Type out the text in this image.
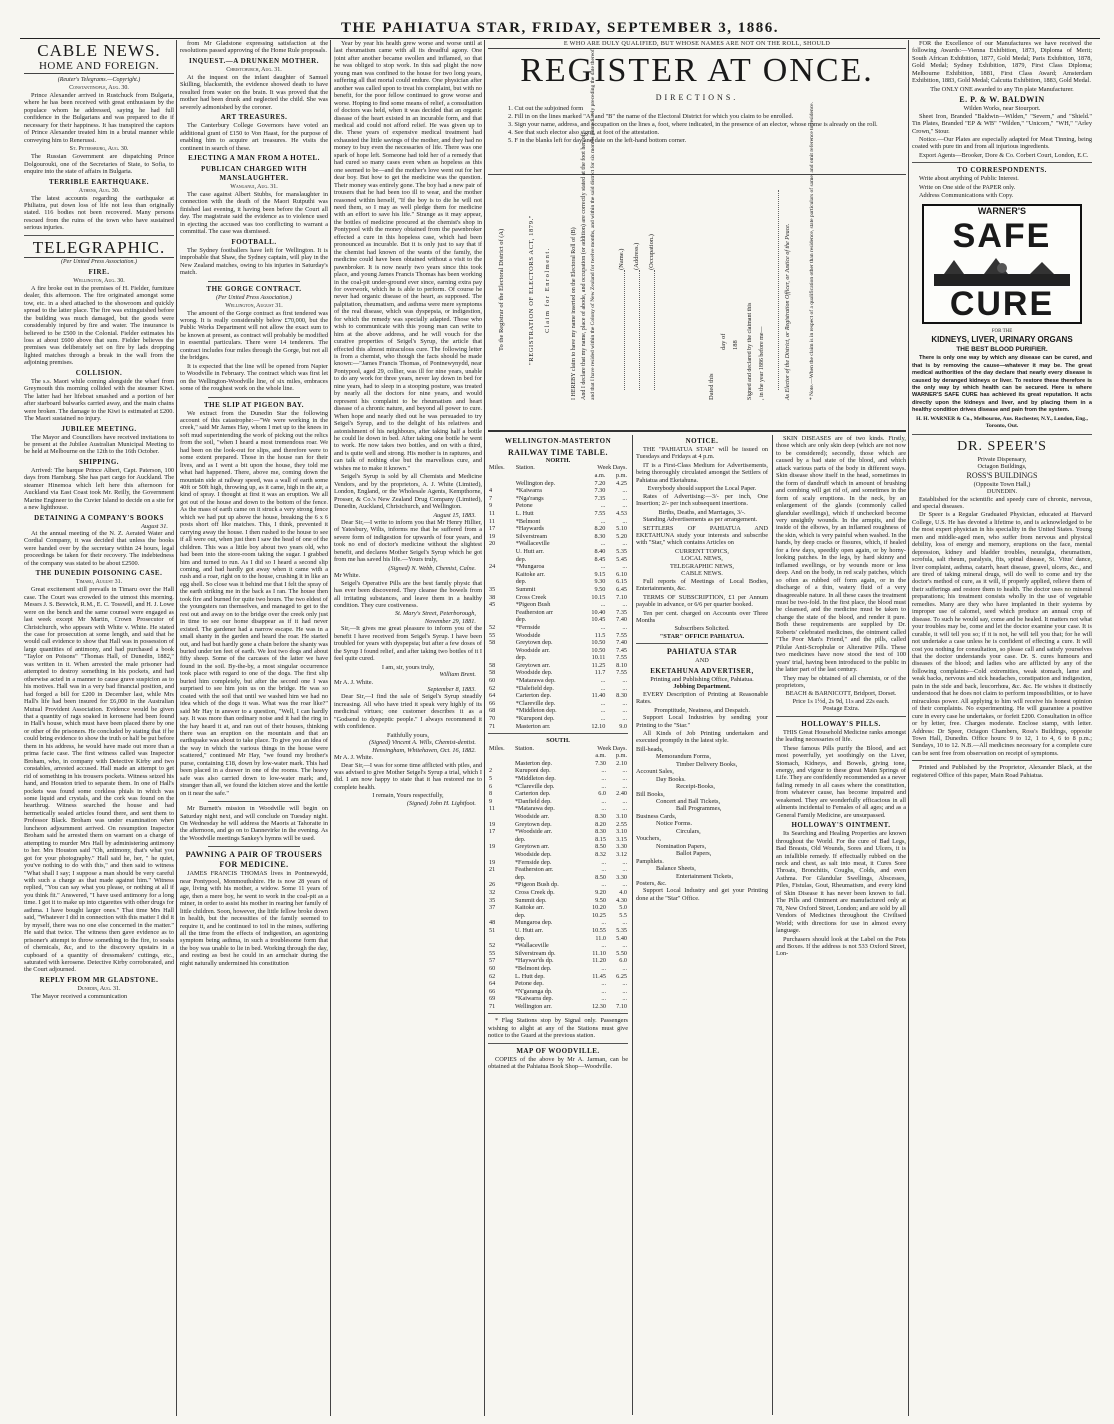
THE PAHIATUA STAR, FRIDAY, SEPTEMBER 3, 1886.
CABLE NEWS.
HOME AND FOREIGN.
(Reuter's Telegrams.—Copyright.)
Constantinople, Aug. 30.
Prince Alexander arrived in Rustchuck from Bulgaria, where he has been received with great enthusiasm by the populace whom he addressed, saying he had full confidence in the Bulgarians and was prepared to die if necessary for their happiness. It has transpired the captors of Prince Alexander treated him in a brutal manner while conveying him to Renerussi.
St. Petersburg, Aug. 30.
The Russian Government are dispatching Prince Dolgourouki, one of the Secretaries of State, to Sofia, to enquire into the state of affairs in Bulgaria.
TERRIBLE EARTHQUAKE.
Athens, Aug. 30.
The latest accounts regarding the earthquake at Philiatra, put down loss of life not less than originally stated. 116 bodies not been recovered. Many persons rescued from the ruins of the town who have sustained serious injuries.
TELEGRAPHIC.
(Per United Press Association.)
FIRE.
Wellington, Aug. 30.
A fire broke out in the premises of H. Fielder, furniture dealer, this afternoon. The fire originated amongst some tow, etc. in a shed attached to the showroom and quickly spread to the latter place. The fire was extinguished before the building was much damaged, but the goods were considerably injured by fire and water. The insurance is believed to be £500 in the Colonial. Fielder estimates his loss at about £600 above that sum. Fielder believes the premises was deliberately set on fire by lads dropping lighted matches through a break in the wall from the adjoining premises.
COLLISION.
The s.s. Maori while coming alongside the wharf from Greymouth this morning collided with the steamer Kiwi. The latter had her lifeboat smashed and a portion of her after starboard bulwarks carried away, and the main chains were broken. The damage to the Kiwi is estimated at £200. The Maori sustained no injury.
JUBILEE MEETING.
The Mayor and Councillors have received invitations to be present at the Jubilee Australian Municipal Meeting to be held at Melbourne on the 12th to the 16th October.
SHIPPING.
Arrived: The barque Prince Albert, Capt. Paterson, 100 days from Hamburg. She has part cargo for Auckland. The steamer Hinemoa which left here this afternoon for Auckland via East Coast took Mr. Reilly, the Government Marine Engineer to the Cuvier Island to decide on a site for a new lighthouse.
DETAINING A COMPANY'S BOOKS
August 31.
At the annual meeting of the N. Z. Aerated Water and Cordial Company, it was decided that unless the books were handed over by the secretary within 24 hours, legal proceedings be taken for their recovery. The indebtedness of the company was stated to be about £2500.
THE DUNEDIN POISONING CASE.
Timaru, August 31.
Great excitement still prevails in Timaru over the Hall case. The Court was crowded to the utmost this morning. Messrs J. S. Beswick, R.M., E. C. Tosswill, and H. J. Lowe were on the bench and the same counsel were engaged as last week except Mr Martin, Crown Prosecutor of Christchurch, who appears with White v. White. He stated the case for prosecution at some length, and said that he would call evidence to show that Hall was in possession of large quantities of antimony, and had purchased a book "Taylor on Poisons" "Thomas Hall, of Dunedin, 1882," was written in it. When arrested the male prisoner had attempted to destroy something in his pockets, and had otherwise acted in a manner to cause grave suspicion as to his motives. Hall was in a very bad financial position, and had forged a bill for £200 in December last, while Mrs Hall's life had been insured for £6,000 in the Australian Mutual Provident Association. Evidence would be given that a quantity of rags soaked in kerosene had been found in Hall's house, which must have been placed there by one or other of the prisoners. He concluded by stating that if he could bring evidence to show the truth or half be put before them in his address, he would have made out more than a prima facie case. The first witness called was Inspector Broham, who, in company with Detective Kirby and two constables, arrested accused. Hall made an attempt to get rid of something in his trousers pockets. Witness seized his hand, and Houston tried to separate them. In one of Hall's pockets was found some corkless phials in which was some liquid and crystals, and the cork was found on the hearthrug. Witness searched the house and had hermetically sealed articles found there, and sent them to Professor Black. Broham was under examination when luncheon adjournment arrived. On resumption Inspector Broham said he arrested them on warrant on a charge of attempting to murder Mrs Hall by administering antimony to her. Mrs Houston said "Oh, antimony, that's what you got for your photography." Hall said he, her, " he quiet, you've nothing to do with this," and then said to witness "What shall I say; I suppose a man should be very careful with such a charge as that made against him." Witness replied, "You can say what you please, or nothing at all if you think fit." Answered, "I have used antimony for a long time. I got it to make up into cigarettes with other drugs for asthma. I have bought larger ones." That time Mrs Hall said, "Whatever I did in connection with this matter I did it by myself, there was no one else concerned in the matter." He said that twice. The witness then gave evidence as to prisoner's attempt to throw something to the fire, to soaks of chemicals, &c, and to the discovery upstairs in a cupboard of a quantity of dressmakers' cuttings, etc., saturated with kerosene. Detective Kirby corroborated, and the Court adjourned.
REPLY FROM MR GLADSTONE.
Dunedin, Aug. 31.
The Mayor received a communication
from Mr Gladstone expressing satisfaction at the resolutions passed approving of the Home Rule proposals.
INQUEST.—A DRUNKEN MOTHER.
Christchurch, Aug. 31.
At the inquest on the infant daughter of Samuel Skilling, blacksmith, the evidence showed death to have resulted from water on the brain. It was proved that the mother had been drunk and neglected the child. She was severely admonished by the coroner.
ART TREASURES.
The Canterbury College Governors have voted an additional grant of £150 to Von Haast, for the purpose of enabling him to acquire art treasures. He visits the continent in search of these.
EJECTING A MAN FROM A HOTEL.
PUBLICAN CHARGED WITH MANSLAUGHTER.
Wanganui, Aug. 31.
The case against Albert Stubbs, for manslaughter in connection with the death of the Maori Rutputhi was finished last evening, it having been before the Court all day. The magistrate said the evidence as to violence used in ejecting the accused was too conflicting to warrant a committal. The case was dismissed.
FOOTBALL.
The Sydney footballers have left for Wellington. It is improbable that Shaw, the Sydney captain, will play in the New Zealand matches, owing to his injuries in Saturday's match.
THE GORGE CONTRACT.
(Per United Press Association.)
Wellington, August 31.
The amount of the Gorge contract as first tendered was wrong. It is really considerably below £70,000, but the Public Works Department will not allow the exact sum to be known at present, as contract will probably be modified in essential particulars. There were 14 tenderers. The contract includes four miles through the Gorge, but not all the bridges.
It is expected that the line will be opened from Napier to Woodville in February. The contract which was first let on the Wellington-Woodville line, of six miles, embraces some of the roughest work on the whole line.
THE SLIP AT PIGEON BAY.
We extract from the Dunedin Star the following account of this catastrophe:—"We were working in the creek," said Mr James Hay, whom I met up to the knees in soft mud superintending the work of picking out the relics from the soil, "when I heard a most tremendous roar. We had been on the look-out for slips, and therefore were to some extent prepared. Those in the house ran for their lives, and as I went a bit upon the house, they told me what had happened. There, above me, coming down the mountain side at railway speed, was a wall of earth some 40ft or 50ft high, throwing up, as it came, high in the air, a kind of spray. I thought at first it was an eruption. We all got out of the house and down to the bottom of the fence. As the mass of earth came on it struck a very strong fence which we had put up above the house, breaking the 6 x 6 posts short off like matches. This, I think, prevented it carrying away the house. I then rushed to the house to see if all were out, when just then I saw the head of one of the children. This was a little boy about two years old, who had been into the store-room taking the sugar. I grabbed him and turned to run. As I did so I heard a second slip coming, and had hardly got away when it came with a rush and a roar, right on to the house, crushing it in like an egg shell. So close was it behind me that I felt the spray of the earth striking me in the back as I ran. The house then took fire and burned for quite two hours. The two eldest of the youngsters ran themselves, and managed to get to the rest out and away on to the bridge over the creek only just in time to see our home disappear as if it had never existed. The gardener had a narrow escape. He was in a small shanty in the garden and heard the roar. He started out, and had but hardly gone a chain before the shanty was buried under ten feet of earth. We lost two dogs and about fifty sheep. Some of the carcases of the latter we have found in the soil. By-the-by, a most singular occurrence took place with regard to one of the dogs. The first slip buried him completely, but after the second one I was surprised to see him join us on the bridge. He was so coated with the soil that until we washed him we had no idea which of the dogs it was. What was the roar like?" said Mr Hay in answer to a question, "Well, I can hardly say. It was more than ordinary noise and it had the ring in the hay heard it at, and ran out of their houses, thinking there was an eruption on the mountain and that an earthquake was about to take place. To give you an idea of the way in which the various things in the house were scattered," continued Mr Hay, "we found my brother's purse, containing £18, down by low-water mark. This had been placed in a drawer in one of the rooms. The heavy safe was also carried down to low-water mark; and, stranger than all, we found the kitchen stove and the kettle on it near the safe."
Mr Burnett's mission in Woodville will begin on Saturday night next, and will conclude on Tuesday night. On Wednesday he will address the Maoris at Tahoraite in the afternoon, and go on to Dannevirke in the evening. As the Woodville meetings Sankey's hymns will be used.
PAWNING A PAIR OF TROUSERS FOR MEDICINE.
JAMES FRANCIS THOMAS lives in Pontnewydd, near Pontypool, Monmouthshire. He is now 28 years of age, living with his mother, a widow. Some 11 years of age, then a mere boy, he went to work in the coal-pit as a miner, in order to assist his mother in rearing her family of little children. Soon, however, the little fellow broke down in health, but the necessities of the family seemed to require it, and he continued to toil in the mines, suffering all the time from the effects of indigestion, an agonizing symptom being asthma, in such a troublesome form that the boy was unable to lie in bed. Working through the day, and resting as best he could in an armchair during the night naturally undermined his constitution
Year by year his health grew worse and worse until at last rheumatism came with all its dreadful agony. One joint after another became swollen and inflamed, so that he was obliged to stop work. In this sad plight the now young man was confined to the house for two long years, suffering all that mortal could endure. One physician after another was called upon to treat his complaint, but with no benefit, for the poor fellow continued to grow worse and worse. Hoping to find some means of relief, a consultation of doctors was held, when it was decided that an organic disease of the heart existed in an incurable form, and that medical aid could not afford relief. He was given up to die. These years of expensive medical treatment had exhausted the little savings of the mother, and they had no money to buy even the necessaries of life. There was one spark of hope left. Someone had told her of a remedy that had cured so many cases even when as hopeless as this one seemed to be—and the mother's love went out for her dear boy. But how to get the medicine was the question. Their money was entirely gone. The boy had a new pair of trousers that he had been too ill to wear, and the mother reasoned within herself, "If the boy is to die he will not need them, so I may as well pledge them for medicine with an effort to save his life." Strange as it may appear, the bottles of medicine procured at the chemist's shop in Pontypool with the money obtained from the pawnbroker effected a cure in this hopeless case, which had been pronounced as incurable. But it is only just to say that if the chemist had known of the wants of the family, the medicine could have been obtained without a visit to the pawnbroker. It is now nearly two years since this took place, and young James Francis Thomas has been working in the coal-pit under-ground ever since, earning extra pay for overwork, which he is able to perform. Of course he never had organic disease of the heart, as supposed. The palpitation, rheumatism, and asthma were mere symptoms of the real disease, which was dyspepsia, or indigestion, for which the remedy was specially adapted. Those who wish to communicate with this young man can write to him at the above address, and he will vouch for the curative properties of Seigel's Syrup, the article that effected this almost miraculous cure. The following letter is from a chemist, who though the facts should be made known:—"James Francis Thomas, of Pontnewynydd, near Pontypool, aged 29, collier, was ill for nine years, unable to do any work for three years, never lay down in bed for nine years, had to sleep in a stooping posture, was treated by nearly all the doctors for nine years, and would represent his complaint to be rheumatism and heart disease of a chronic nature, and beyond all power to cure. When hope and nearly died out he was persuaded to try Seigel's Syrup, and to the delight of his relatives and astonishment of his neighbours, after taking half a bottle he could lie down in bed. After taking one bottle he went to work. He now takes two bottles, and on with a third, and is quite well and strong. His mother is in raptures, and can talk of nothing else but the marvellous cure, and wishes me to make it known."
Seigel's Syrup is sold by all Chemists and Medicine Vendors, and by the proprietors, A. J. White (Limited), London, England, or the Wholesale Agents, Kempthorne, Prosser, & Co.'s New Zealand Drug Company (Limited), Dunedin, Auckland, Christchurch, and Wellington.
August 15, 1883.
Dear Sir,—I write to inform you that Mr Henry Hillier, of Yatesbury, Wilts, informs me that he suffered from a severe form of indigestion for upwards of four years, and took no end of doctor's medicine without the slightest benefit, and declares Mother Seigel's Syrup which he got from me has saved his life.—Yours truly,
(Signed) N. Webb, Chemist, Calne.
Mr White.
Seigel's Operative Pills are the best family physic that has ever been discovered. They cleanse the bowels from all irritating substances, and leave them in a healthy condition. They cure costiveness.
St. Mary's Street, Peterborough,
November 29, 1881.
Sir,—It gives me great pleasure to inform you of the benefit I have received from Seigel's Syrup. I have been troubled for years with dyspepsia; but after a few doses of the Syrup I found relief, and after taking two bottles of it I feel quite cured.
I am, sir, yours truly,
William Brent.
Mr A. J. White.
September 8, 1883.
Dear Sir,—I find the sale of Seigel's Syrup steadily increasing. All who have tried it speak very highly of its medicinal virtues; one customer describes it as a "Godsend to dyspeptic people." I always recommend it with confidence.
Faithfully yours,
(Signed) Vincent A. Wills, Chemist-dentist.
Hensingham, Whitehaven, Oct. 16, 1882.
Mr A. J. White.
Dear Sir,—I was for some time afflicted with piles, and was advised to give Mother Seigel's Syrup a trial, which I did. I am now happy to state that it has restored me to complete health.
I remain, Yours respectfully,
(Signed) John H. Lightfoot.
E WHO ARE DULY QUALIFIED, BUT WHOSE NAMES ARE NOT ON THE ROLL, SHOULD
REGISTER AT ONCE.
DIRECTIONS.
1. Cut out the subjoined form
2. Fill in on the lines marked "A" and "B" the name of the Electoral District for which you claim to be enrolled.
3. Sign your name, address, and occupation on the lines a, foot, where indicated, in the presence of an elector, whose name is already on the roll.
4. See that such elector also signs, at foot of the attestation.
5. F in the blanks left for day and date on the left-hand bottom corner.
To the Registrar of the Electoral District of (A)	"REGISTRATION OF ELECTORS ACT, 1879." Claim for Enrolment.	I HEREBY claim to have my name inserted on the Electoral Roll of (B) And I declare that my name, place of abode, and occupation (or addition) are correctly stated at the foot hereof; and that I have resided within the Colony of New Zealand for twelve months, and within the said district for six months immediately preceding the date thereof.	(Name.) (Address.) (Occupation.)
Dated this
day of 188 Signed and declared by the claimant this , in the year 1886 before me—	As Elector of the District, or Registration Officer, or Justice of the Peace.	* Note.—When the claim is in respect of a qualification other than residence, state particulars of same, and omit reference to residence.
WELLINGTON-MASTERTON
RAILWAY TIME TABLE.
NORTH.
Miles.	Station.	Week Days.	
		a.m.	p.m.
	Wellington dep.	7.20	4.25
4	*Kaiwarra	7.30	...
7	*Nga'rangs	7.35	...
9	Petone	...	...
11	L. Hutt	7.55	4.53
11	*Belmont	...	...
17	*Haywards	8.20	5.10
19	Silverstream	8.30	5.20
20	*Wallaceville	...	...
	U. Hutt arr.	8.40	5.35
	dep.	8.45	5.45
24	*Mungaroa	...	...
	Kaitoke arr.	9.15	6.10
	dep.	9.30	6.15
35	Summit	9.50	6.45
38	Cross Creek	10.15	7.10
45	*Pigeon Bush	...	...
	Featherston arr	10.40	7.35
	dep.	10.45	7.40
52	*Fernside	...	...
55	Woodside	11.5	7.55
58	Greytown dep.	10.50	7.40
	Woodside arr.	10.50	7.45
	dep.	10.11	7.55
58	Greytown arr.	11.25	8.10
58	Woodside dep.	11.7	7.55
60	*Matarawa dep.	...	...
62	*Dalefield dep.	...	...
64	Carterton dep.	11.40	8.30
66	*Clareville dep.	...	...
68	*Middleton dep.	...	...
70	*Kuruponi dep.	...	...
71	Masterton arr.	12.10	9.0
SOUTH.
Miles.	Station.	Week Days.	
		a.m.	p.m.
	Masterton dep.	7.30	2.10
2	Kuruponi dep.	...	...
5	*Middleton dep.	...	...
6	*Clareville dep.	...	...
8	Carterton dep.	6.0	2.40
9	*Danfield dep.	...	...
11	*Matarawa dep.	...	...
	Woodside arr.	8.30	3.10
19	Greytown dep.	8.20	2.55
17	*Woodside arr.	8.30	3.10
	dep.	8.15	3.15
19	Greytown arr.	8.50	3.30
	Woodside dep.	8.32	3.12
19	*Fernside dep.	...	...
21	Featherston arr.	...	...
	dep.	8.50	3.30
26	*Pigeon Bush dp.	...	...
32	Cross Creek dp.	9.20	4.0
35	Summit dep.	9.50	4.30
37	Kaitoke arr.	10.20	5.0
	dep.	10.25	5.5
48	Mungaroa dep.	...	...
51	U. Hutt arr.	10.55	5.35
	dep.	11.0	5.40
52	*Wallaceville	...	...
55	Silverstream dp.	11.10	5.50
57	*Haywar'ds dp.	11.20	6.0
60	*Belmont dep.	...	...
62	L. Hutt dep.	11.45	6.25
64	Petone dep.	...	...
66	*N'garanga dp.	...	...
69	*Kaiwarra dep.	...	...
71	Wellington arr.	12.30	7.10
* Flag Stations stop by Signal only. Passengers wishing to alight at any of the Stations must give notice to the Guard at the previous station.
MAP OF WOODVILLE.
COPIES of the above by Mr A. Jarman, can be obtained at the Pahiatua Book Shop—Woodville.
NOTICE.
THE "PAHIATUA STAR" will be issued on Tuesdays and Fridays at 4 p.m.
IT is a First-Class Medium for Advertisements, being thoroughly circulated amongst the Settlers of Pahiatua and Eketahuna.
Everybody should support the Local Paper.
Rates of Advertising:—3/- per inch, One Insertion; 2/- per inch subsequent insertions.
Births, Deaths, and Marriages, 3/-.
Standing Advertisements as per arrangement.
SETTLERS OF PAHIATUA AND EKETAHUNA study your interests and subscribe with "Star," which contains Articles on
CURRENT TOPICS,
LOCAL NEWS,
TELEGRAPHIC NEWS,
CABLE NEWS.
Full reports of Meetings of Local Bodies, Entertainments, &c.
TERMS OF SUBSCRIPTION, £1 per Annum payable in advance, or 6/6 per quarter booked.
Ten per cent. charged on Accounts over Three Months
Subscribers Solicited.
"STAR" OFFICE PAHIATUA.
PAHIATUA STAR
AND
EKETAHUNA ADVERTISER,
Printing and Publishing Office, Pahiatua.
Jobbing Department.
EVERY Description of Printing at Reasonable Rates.
Promptitude, Neatness, and Despatch.
Support Local Industries by sending your Printing to the "Star."
All Kinds of Job Printing undertaken and executed promptly in the latest style.
Bill-heads,
Memorandum Forms,
Timber Delivery Books,
Account Sales,
Day Books.
Receipt-Books,
Bill Books,
Concert and Ball Tickets,
Ball Programmes,
Business Cards,
Notice Forms.
Circulars,
Vouchers,
Nomination Papers,
Ballot Papers,
Pamphlets.
Balance Sheets,
Entertainment Tickets,
Posters, &c.
Support Local Industry and get your Printing done at the "Star" Office.
SKIN DISEASES are of two kinds. Firstly, those which are only skin deep (which are not now to be considered); secondly, those which are caused by a bad state of the blood, and which attack various parts of the body in different ways. Skin disease show itself in the head, sometimes in the form of dandruff which in amount of brushing and combing will get rid of, and sometimes in the form of scaly eruptions. In the neck, by an enlargement of the glands (commonly called glandular swellings), which if unchecked become very unsightly wounds. In the armpits, and the inside of the elbows, by an inflamed roughness of the skin, which is very painful when washed. In the hands, by deep cracks or fissures, which, if healed for a few days, speedily open again, or by horny-looking patches. In the legs, by hard skinny and inflamed swellings, or by wounds more or less deep. And on the body, in red scaly patches, which so often as rubbed off form again, or in the discharge of a thin, watery fluid of a very disagreeable nature. In all these cases the treatment must be two-fold. In the first place, the blood must be cleansed, and the medicine must be taken to change the state of the blood, and render it pure. Both these requirements are supplied by Dr. Roberts' celebrated medicines, the ointment called "The Poor Man's Friend," and the pills, called Pilulæ Anti-Scrophulæ or Alterative Pills. These two medicines have now stood the test of 100 years' trial, having been introduced to the public in the latter part of the last century.
They may be obtained of all chemists, or of the proprietors,
BEACH & BARNICOTT, Bridport, Dorset.
Price 1s 1½d, 2s 9d, 11s and 22s each.
Postage Extra.
HOLLOWAY'S PILLS.
THIS Great Household Medicine ranks amongst the leading necessaries of life.
These famous Pills purify the Blood, and act most powerfully, yet soothingly on the Liver, Stomach, Kidneys, and Bowels, giving tone, energy, and vigour to these great Main Springs of Life. They are confidently recommended as a never failing remedy in all cases where the constitution, from whatever cause, has become impaired and weakened. They are wonderfully efficacious in all ailments incidental to Females of all ages; and as a General Family Medicine, are unsurpassed.
HOLLOWAY'S OINTMENT.
Its Searching and Healing Properties are known throughout the World. For the cure of Bad Legs, Bad Breasts, Old Wounds, Sores and Ulcers, it is an infallible remedy. If effectually rubbed on the neck and chest, as salt into meat, it Cures Sore Throats, Bronchitis, Coughs, Colds, and even Asthma. For Glandular Swellings, Abscesses, Piles, Fistulas, Gout, Rheumatism, and every kind of Skin Disease it has never been known to fail. The Pills and Ointment are manufactured only at 78, New Oxford Street, London; and are sold by all Vendors of Medicines throughout the Civilised World; with directions for use in almost every language.
Purchasers should look at the Label on the Pots and Boxes. If the address is not 533 Oxford Street, Lon-
FOR the Excellence of our Manufactures we have received the following Awards:—Vienna Exhibition, 1873, Diploma of Merit; South African Exhibition, 1877, Gold Medal; Paris Exhibition, 1878, Gold Medal; Sydney Exhibition, 1879, First Class Diploma; Melbourne Exhibition, 1881, First Class Award; Amsterdam Exhibition, 1883, Gold Medal; Calcutta Exhibition, 1883, Gold Medal.
The ONLY ONE awarded to any Tin plate Manufacturer.
E. P. & W. BALDWIN
Wilden Works, near Stourport.
Sheet Iron, Branded "Baldwin—Wilden," "Severn," and "Shield." Tin Plates, Branded "EP & WB" "Wilden," "Unicorn," "WH," "Arley Crown," Stour.
Notice.—Our Plates are especially adapted for Meat Tinning, being coated with pure tin and from all injurious ingredients.
Export Agents—Brooker, Dore & Co. Corbert Court, London, E.C.
TO CORRESPONDENTS.
Write about anything of Public Interest.
Write on One side of the PAPER only.
Address Communications with Copy.
WARNER'S
SAFE
CURE
FOR THE
KIDNEYS, LIVER, URINARY ORGANS
THE BEST BLOOD PURIFIER.
There is only one way by which any disease can be cured, and that is by removing the cause—whatever it may be. The great medical authorities of the day declare that nearly every disease is caused by deranged kidneys or liver. To restore these therefore is the only way by which health can be secured. Here is where WARNER'S SAFE CURE has achieved its great reputation. It acts directly upon the kidneys and liver, and by placing them in a healthy condition drives disease and pain from the system.
H. H. WARNER & Co., Melbourne, Aus. Rochester, N.Y., London, Eng., Toronto, Out.
DR. SPEER'S
Private Dispensary,
Octagon Buildings,
ROSS'S BUILDINGS
(Opposite Town Hall,)
DUNEDIN.
Established for the scientific and speedy cure of chronic, nervous, and special diseases.
Dr Speer is a Regular Graduated Physician, educated at Harvard College, U.S. He has devoted a lifetime to, and is acknowledged to be the most expert physician in his speciality in the United States. Young men and middle-aged men, who suffer from nervous and physical debility, loss of energy and memory, eruptions on the face, mental depression, kidney and bladder troubles, neuralgia, rheumatism, scrofula, salt rheum, paralysis, fits, spinal disease, St. Vitus' dance, liver complaint, asthma, catarrh, heart disease, gravel, ulcers, &c., and are tired of taking mineral drugs, will do well to come and try the doctor's method of cure, as it will, if properly applied, relieve them of their sufferings and restore them to health. The doctor uses no mineral preparations; his treatment consists wholly in the use of vegetable remedies. Many are they who have implanted in their systems by improper use of calomel, seed which produce an annual crop of disease. To such he would say, come and be healed. It matters not what your troubles may be, come and let the doctor examine your case. It is curable, it will tell you so; if it is not, he will tell you that; for he will not undertake a case unless he is confident of effecting a cure. It will cost you nothing for consultation, so please call and satisfy yourselves that the doctor understands your case. Dr. S. cures humours and diseases of the blood; and ladies who are afflicted by any of the following complaints—Cold extremities, weak stomach, lame and weak backs, nervous and sick headaches, constipation and indigestion, pain in the side and back, leucorrhœa, &c. &c. He wishes it distinctly understood that he does not claim to perform impossibilities, or to have miraculous power. All applying to him will receive his honest opinion of their complaints. No experimenting. He will guarantee a positive cure in every case he undertakes, or forfeit £200. Consultation in office or by letter, free. Charges moderate. Enclose stamp, with letter. Address: Dr Speer, Octagon Chambers, Ross's Buildings, opposite Town Hall, Dunedin. Office hours: 9 to 12, 1 to 4, 6 to 8 p.m.; Sundays, 10 to 12. N.B.—All medicines necessary for a complete cure can be sent free from observation on receipt of symptoms.
Printed and Published by the Proprietor, Alexander Black, at the registered Office of this paper, Main Road Pahiatua.
